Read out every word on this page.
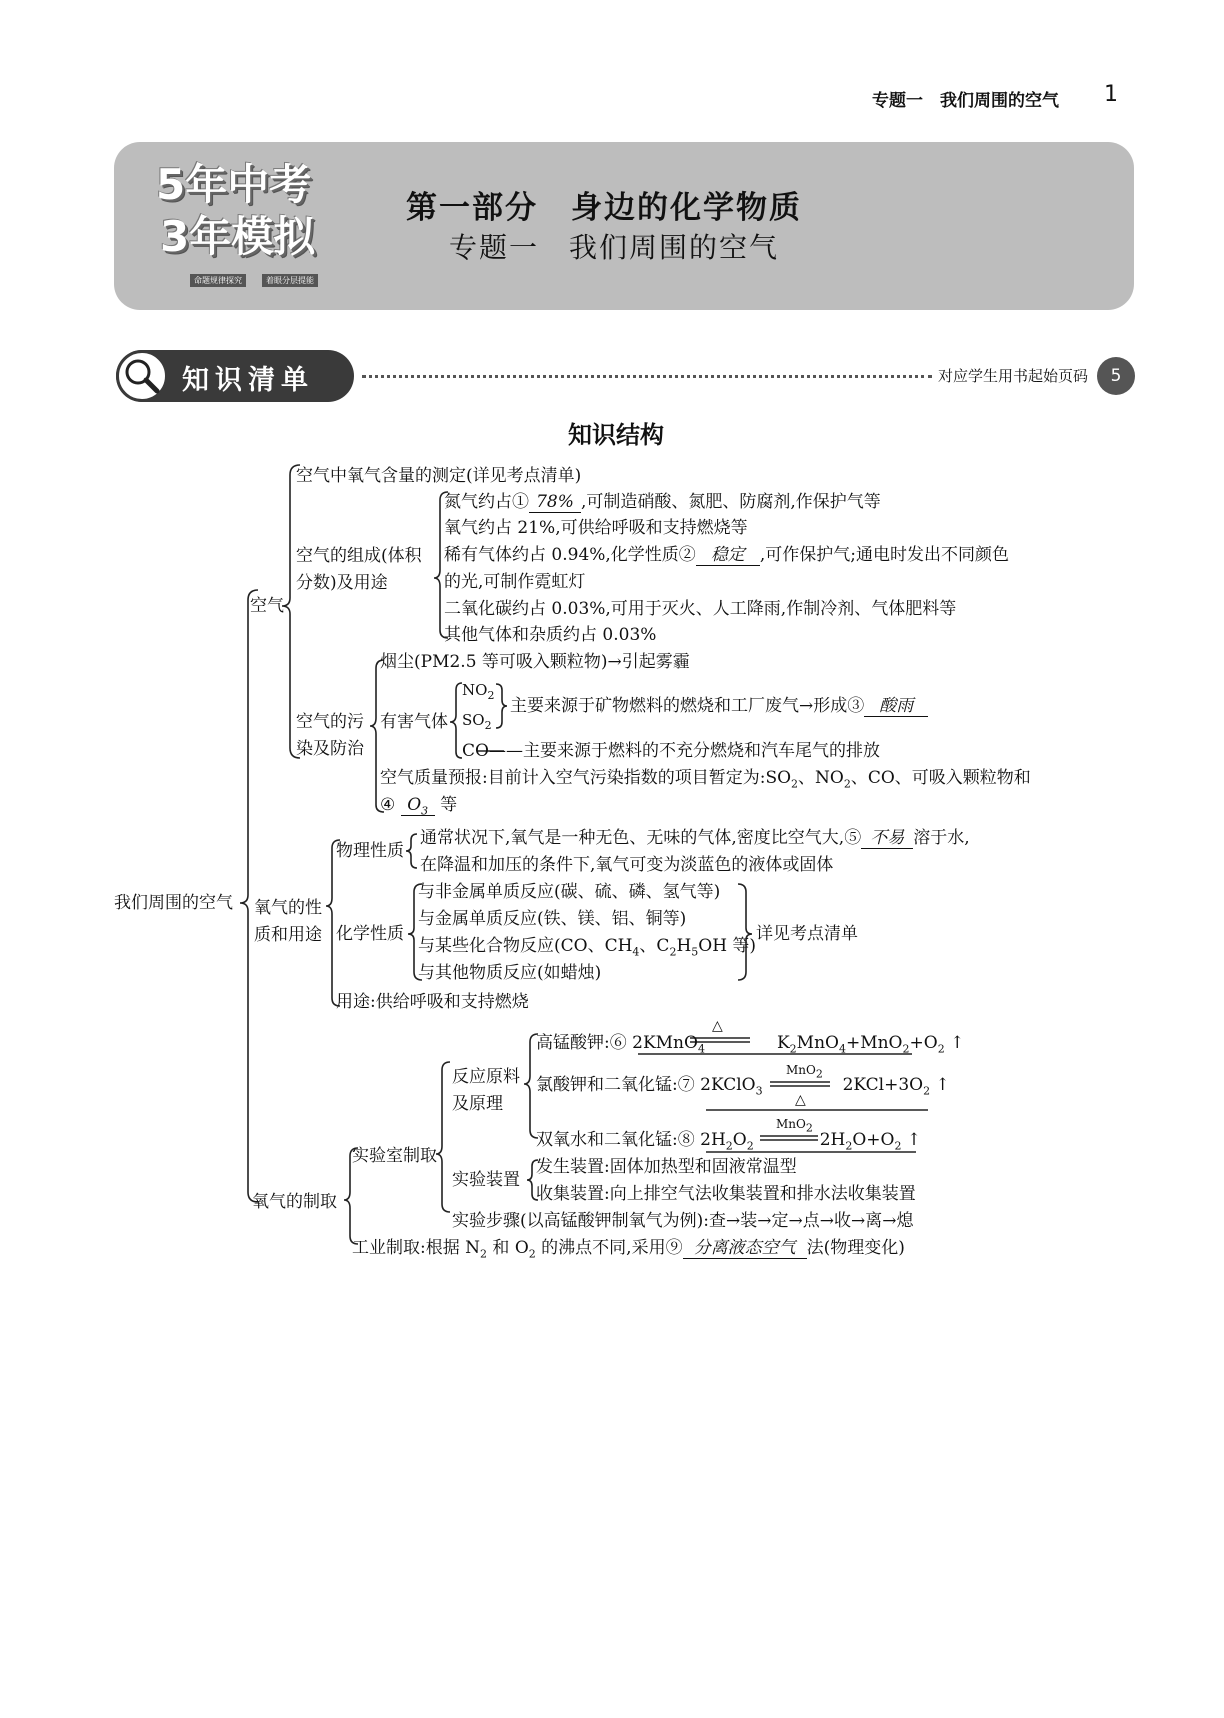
专题一　我们周围的空气 1
5年中考
3年模拟
命题规律探究	着眼分层提能
第一部分　身边的化学物质
专题一　我们周围的空气
知识清单	对应学生用书起始页码	5
知识结构
我们周围的空气
空气
空气中氧气含量的测定(详见考点清单)
空气的组成(体积
分数)及用途
氮气约占① 78% ,可制造硝酸、氮肥、防腐剂,作保护气等
氧气约占 21%,可供给呼吸和支持燃烧等
稀有气体约占 0.94%,化学性质② 稳定 ,可作保护气;通电时发出不同颜色
的光,可制作霓虹灯
二氧化碳约占 0.03%,可用于灭火、人工降雨,作制冷剂、气体肥料等
其他气体和杂质约占 0.03%
空气的污
染及防治
烟尘(PM2.5 等可吸入颗粒物)→引起雾霾
有害气体
$NO_2$
$SO_2$
主要来源于矿物燃料的燃烧和工厂废气→形成③ 酸雨
CO——主要来源于燃料的不充分燃烧和汽车尾气的排放
空气质量预报:目前计入空气污染指数的项目暂定为$:SO_2$、$NO_2$、CO、可吸入颗粒物和
④ $O_3$ 等
氧气的性
质和用途
物理性质
通常状况下,氧气是一种无色、无味的气体,密度比空气大,⑤ 不易 溶于水,
在降温和加压的条件下,氧气可变为淡蓝色的液体或固体
化学性质
与非金属单质反应(碳、硫、磷、氢气等)
与金属单质反应(铁、镁、铝、铜等)
与某些化合物反应(CO、$CH_4$、$C_2H_5OH$ 等)
与其他物质反应(如蜡烛)
详见考点清单
用途:供给呼吸和支持燃烧
氧气的制取
实验室制取
反应原料
及原理
高锰酸钾:⑥ 2KMnO$_4$	$K_2MnO_4+MnO_2+O_2$ ↑
△
氯酸钾和二氧化锰:⑦ 2KClO$_3$	$2KCl+3O_2$ ↑
MnO$_2$
△
双氧水和二氧化锰:⑧ $2H_2O_2$	$2H_2O+O_2$ ↑
MnO$_2$
实验装置
发生装置:固体加热型和固液常温型
收集装置:向上排空气法收集装置和排水法收集装置
实验步骤(以高锰酸钾制氧气为例):查→装→定→点→收→离→熄
工业制取:根据 $N_2$ 和 $O_2$ 的沸点不同,采用⑨ 分离液态空气 法(物理变化)
